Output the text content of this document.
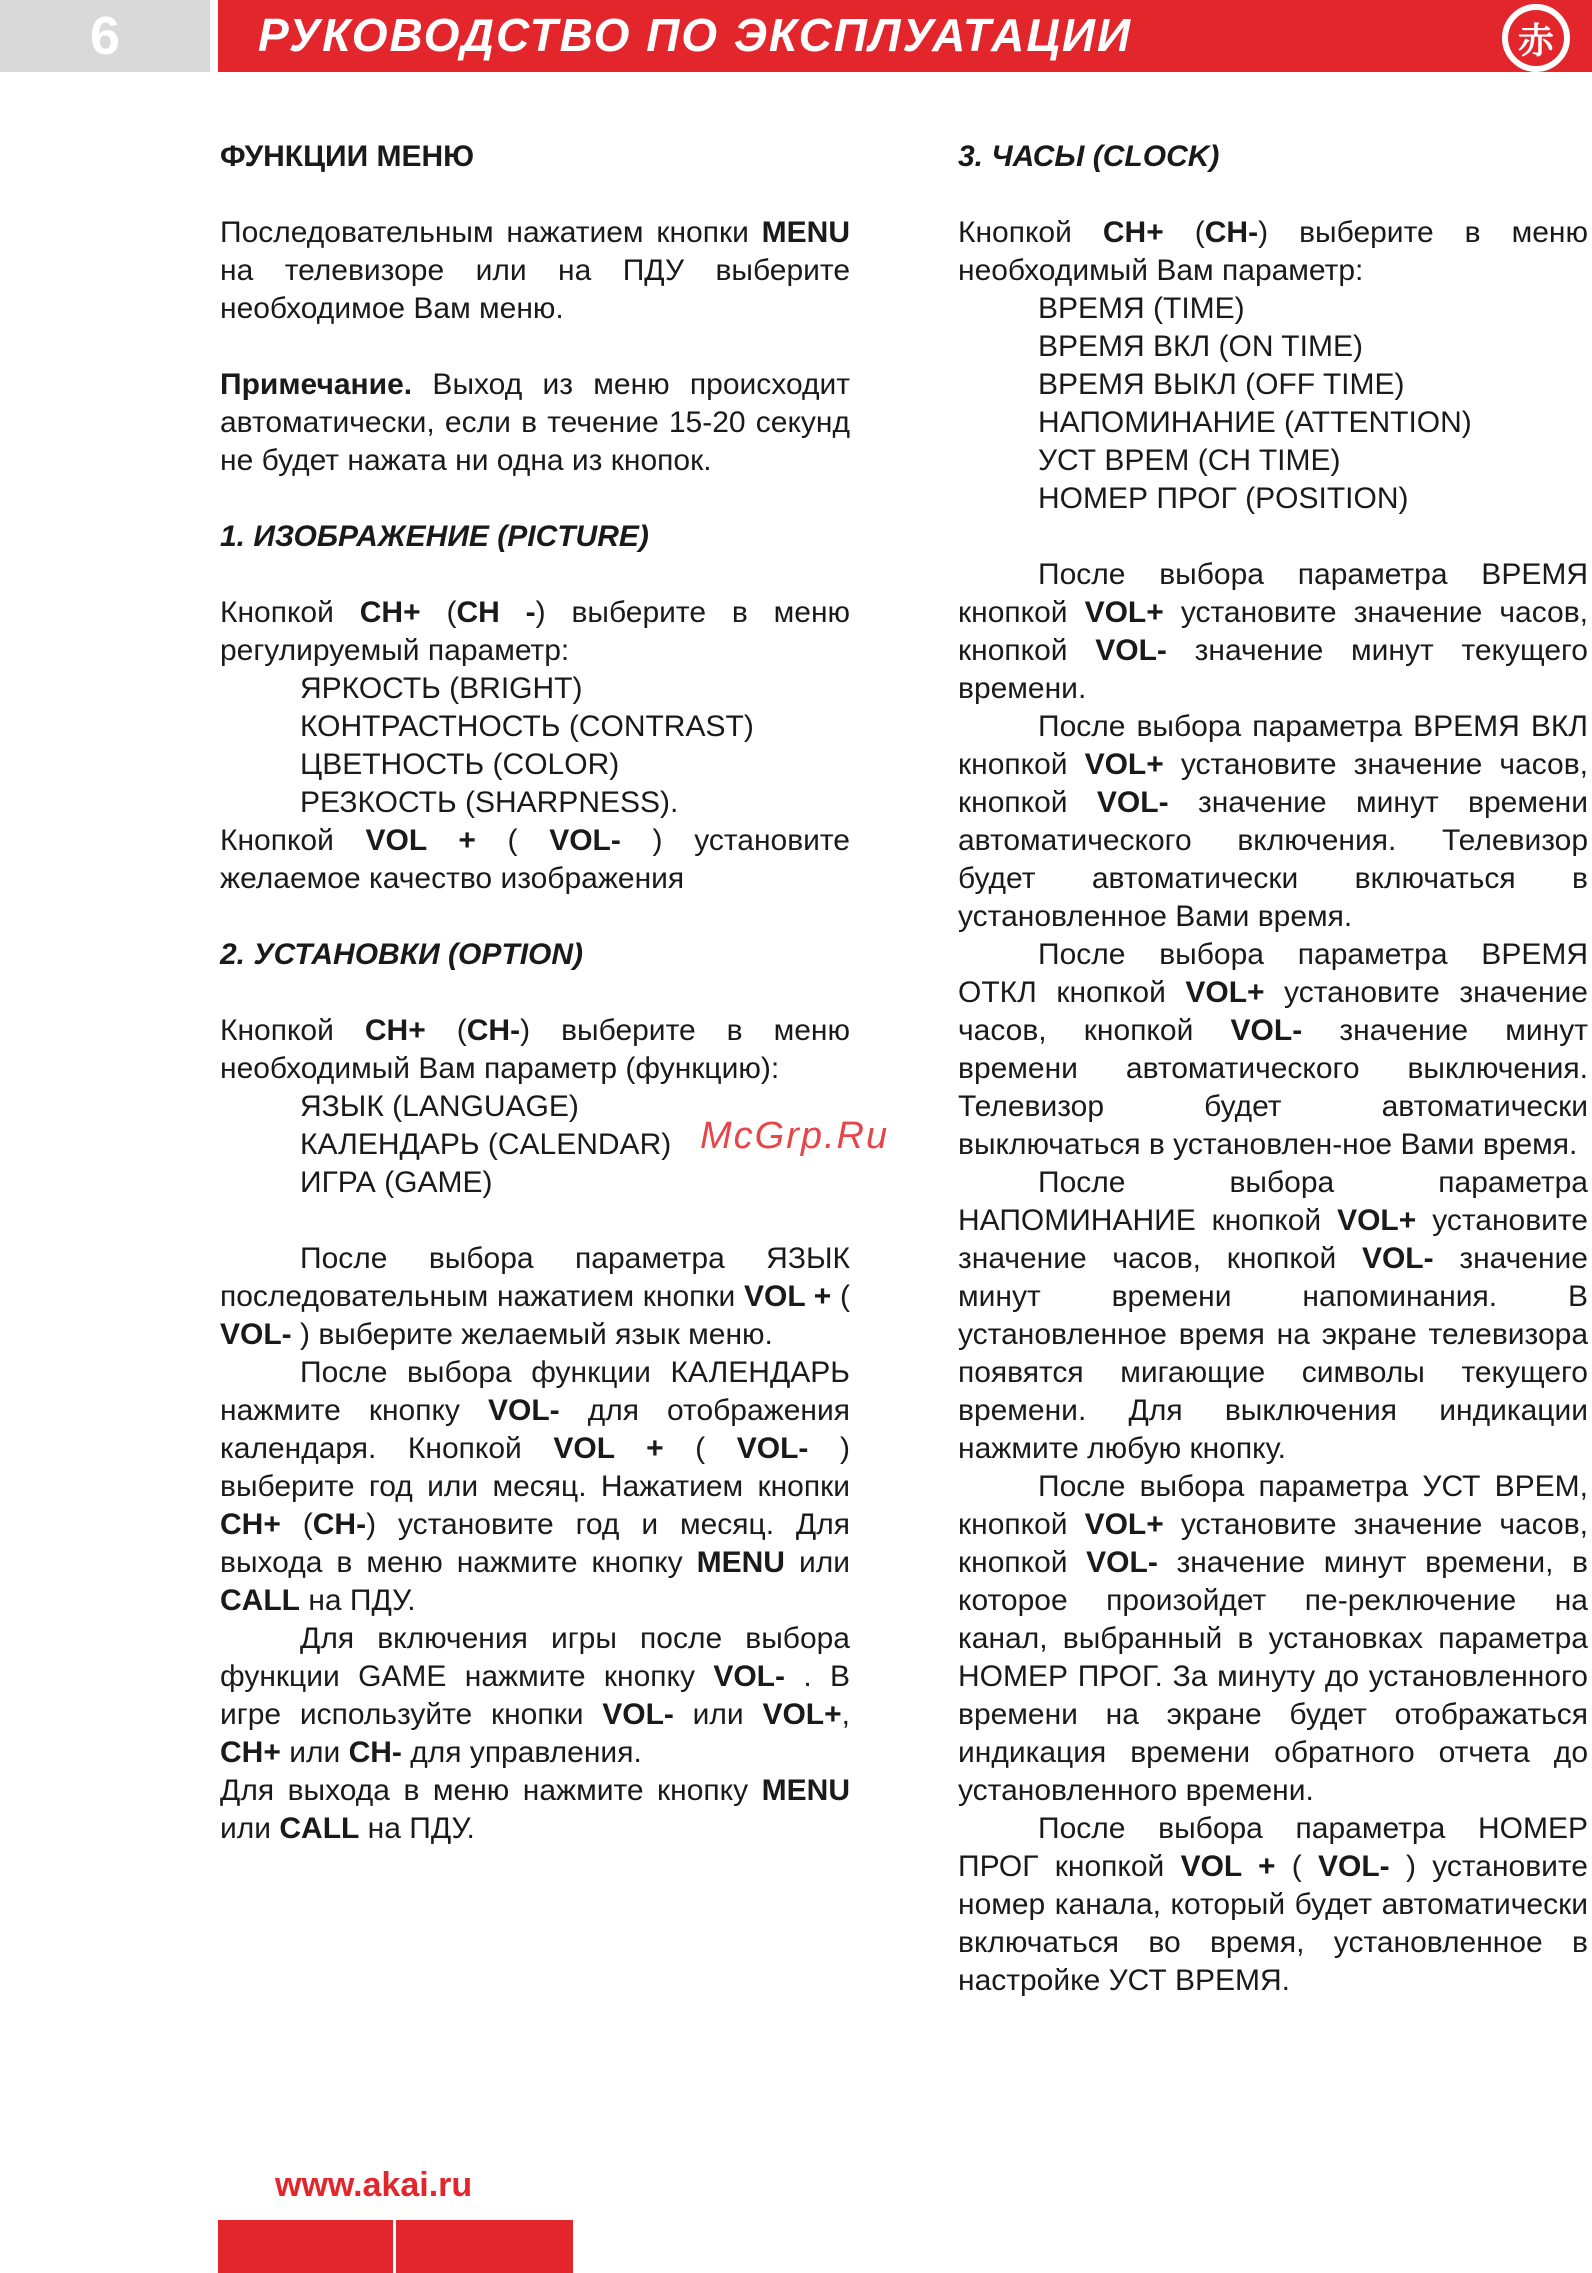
6	РУКОВОДСТВО ПО ЭКСПЛУАТАЦИИ	赤

ФУНКЦИИ МЕНЮ

Последовательным нажатием кнопки MENU на телевизоре или на ПДУ выберите необходимое Вам меню.

Примечание. Выход из меню происходит автоматически, если в течение 15-20 секунд не будет нажата ни одна из кнопок.

1. ИЗОБРАЖЕНИЕ (PICTURE)

Кнопкой CH+ (CH -) выберите в меню регулируемый параметр:

ЯРКОСТЬ (BRIGHT)

КОНТРАСТНОСТЬ (CONTRAST)

ЦВЕТНОСТЬ (COLOR)

РЕЗКОСТЬ (SHARPNESS).

Кнопкой VOL + ( VOL- ) установите желаемое качество изображения

2. УСТАНОВКИ (OPTION)

Кнопкой CH+ (CH-) выберите в меню необходимый Вам параметр (функцию):

ЯЗЫК (LANGUAGE)

КАЛЕНДАРЬ (CALENDAR)

ИГРА (GAME)

После выбора параметра ЯЗЫК последовательным нажатием кнопки VOL + ( VOL- ) выберите желаемый язык меню.

После выбора функции КАЛЕНДАРЬ нажмите кнопку VOL- для отображения календаря. Кнопкой VOL + ( VOL- ) выберите год или месяц. Нажатием кнопки CH+ (CH-) установите год и месяц. Для выхода в меню нажмите кнопку MENU или CALL на ПДУ.

Для включения игры после выбора функции GAME нажмите кнопку VOL- . В игре используйте кнопки VOL- или VOL+, CH+ или CH- для управления.

Для выхода в меню нажмите кнопку MENU или CALL на ПДУ.

3. ЧАСЫ (CLOCK)

Кнопкой CH+ (CH-) выберите в меню необходимый Вам параметр:

ВРЕМЯ (TIME)

ВРЕМЯ ВКЛ (ON TIME)

ВРЕМЯ ВЫКЛ (OFF TIME)

НАПОМИНАНИЕ (ATTENTION)

УСТ ВРЕМ (CH TIME)

НОМЕР ПРОГ (POSITION)

После выбора параметра ВРЕМЯ кнопкой VOL+ установите значение часов, кнопкой VOL- значение минут текущего времени.

После выбора параметра ВРЕМЯ ВКЛ кнопкой VOL+ установите значение часов, кнопкой VOL- значение минут времени автоматического включения. Телевизор будет автоматически включаться в установленное Вами время.

После выбора параметра ВРЕМЯ ОТКЛ кнопкой VOL+ установите значение часов, кнопкой VOL- значение минут времени автоматического выключения. Телевизор будет автоматически выключаться в установлен-ное Вами время.

После выбора параметра НАПОМИНАНИЕ кнопкой VOL+ установите значение часов, кнопкой VOL- значение минут времени напоминания. В установленное время на экране телевизора появятся мигающие символы текущего времени. Для выключения индикации нажмите любую кнопку.

После выбора параметра УСТ ВРЕМ, кнопкой VOL+ установите значение часов, кнопкой VOL- значение минут времени, в которое произойдет пе-реключение на канал, выбранный в установках параметра НОМЕР ПРОГ. За минуту до установленного времени на экране будет отображаться индикация времени обратного отчета до установленного времени.

После выбора параметра НОМЕР ПРОГ кнопкой VOL + ( VOL- ) установите номер канала, который будет автоматически включаться во время, установленное в настройке УСТ ВРЕМЯ.

McGrp.Ru
www.akai.ru
